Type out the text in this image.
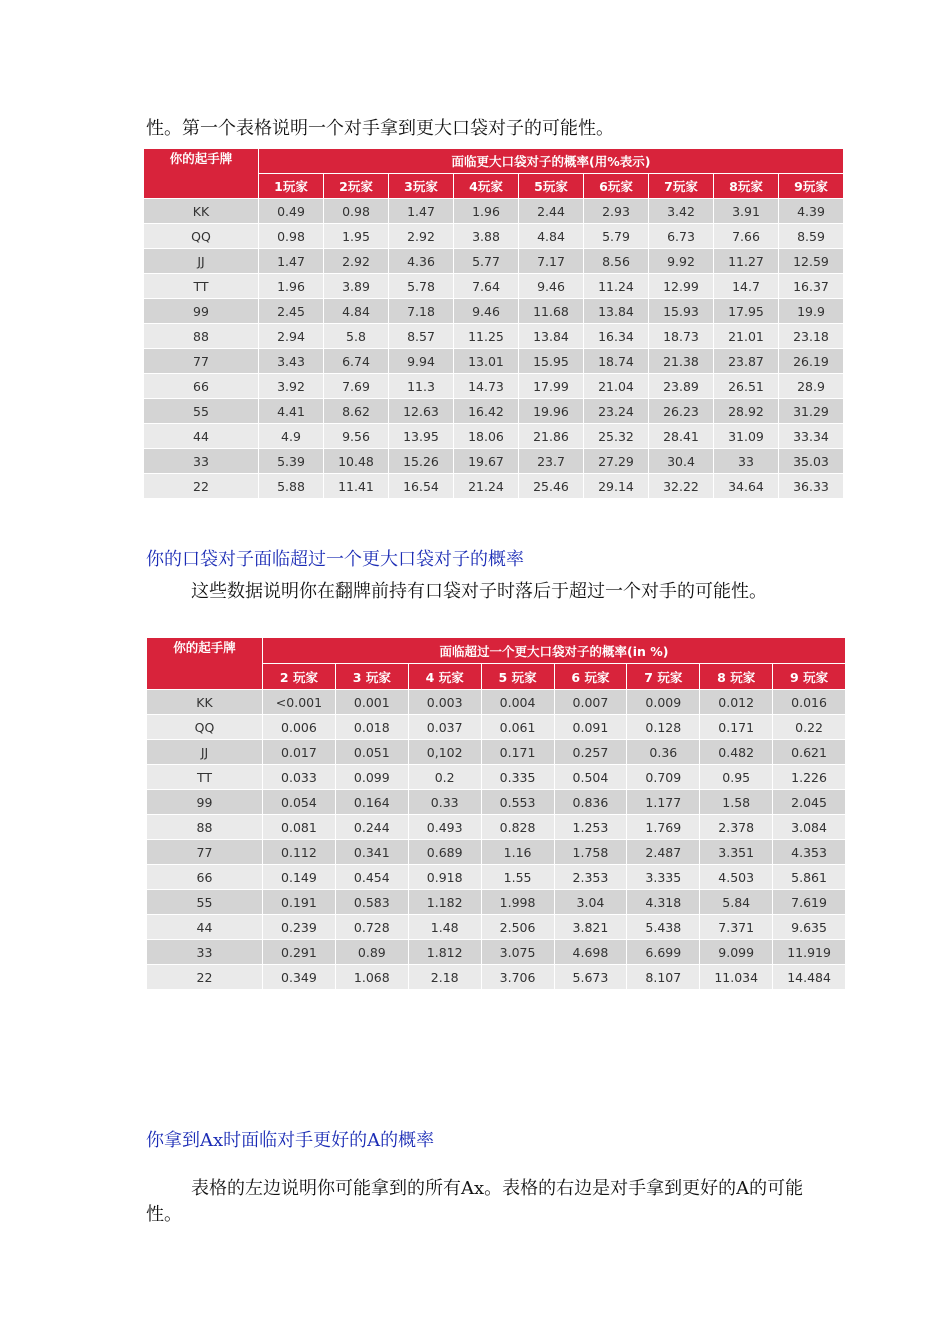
性。第一个表格说明一个对手拿到更大口袋对子的可能性。

你的起手牌	面临更大口袋对子的概率(用%表示)								
	1玩家	2玩家	3玩家	4玩家	5玩家	6玩家	7玩家	8玩家	9玩家
KK	0.49	0.98	1.47	1.96	2.44	2.93	3.42	3.91	4.39
QQ	0.98	1.95	2.92	3.88	4.84	5.79	6.73	7.66	8.59
JJ	1.47	2.92	4.36	5.77	7.17	8.56	9.92	11.27	12.59
TT	1.96	3.89	5.78	7.64	9.46	11.24	12.99	14.7	16.37
99	2.45	4.84	7.18	9.46	11.68	13.84	15.93	17.95	19.9
88	2.94	5.8	8.57	11.25	13.84	16.34	18.73	21.01	23.18
77	3.43	6.74	9.94	13.01	15.95	18.74	21.38	23.87	26.19
66	3.92	7.69	11.3	14.73	17.99	21.04	23.89	26.51	28.9
55	4.41	8.62	12.63	16.42	19.96	23.24	26.23	28.92	31.29
44	4.9	9.56	13.95	18.06	21.86	25.32	28.41	31.09	33.34
33	5.39	10.48	15.26	19.67	23.7	27.29	30.4	33	35.03
22	5.88	11.41	16.54	21.24	25.46	29.14	32.22	34.64	36.33

你的口袋对子面临超过一个更大口袋对子的概率

这些数据说明你在翻牌前持有口袋对子时落后于超过一个对手的可能性。

你的起手牌	面临超过一个更大口袋对子的概率(in %)							
	2 玩家	3 玩家	4 玩家	5 玩家	6 玩家	7 玩家	8 玩家	9 玩家
KK	<0.001	0.001	0.003	0.004	0.007	0.009	0.012	0.016
QQ	0.006	0.018	0.037	0.061	0.091	0.128	0.171	0.22
JJ	0.017	0.051	0,102	0.171	0.257	0.36	0.482	0.621
TT	0.033	0.099	0.2	0.335	0.504	0.709	0.95	1.226
99	0.054	0.164	0.33	0.553	0.836	1.177	1.58	2.045
88	0.081	0.244	0.493	0.828	1.253	1.769	2.378	3.084
77	0.112	0.341	0.689	1.16	1.758	2.487	3.351	4.353
66	0.149	0.454	0.918	1.55	2.353	3.335	4.503	5.861
55	0.191	0.583	1.182	1.998	3.04	4.318	5.84	7.619
44	0.239	0.728	1.48	2.506	3.821	5.438	7.371	9.635
33	0.291	0.89	1.812	3.075	4.698	6.699	9.099	11.919
22	0.349	1.068	2.18	3.706	5.673	8.107	11.034	14.484

你拿到Ax时面临对手更好的A的概率

表格的左边说明你可能拿到的所有Ax。表格的右边是对手拿到更好的A的可能性。
